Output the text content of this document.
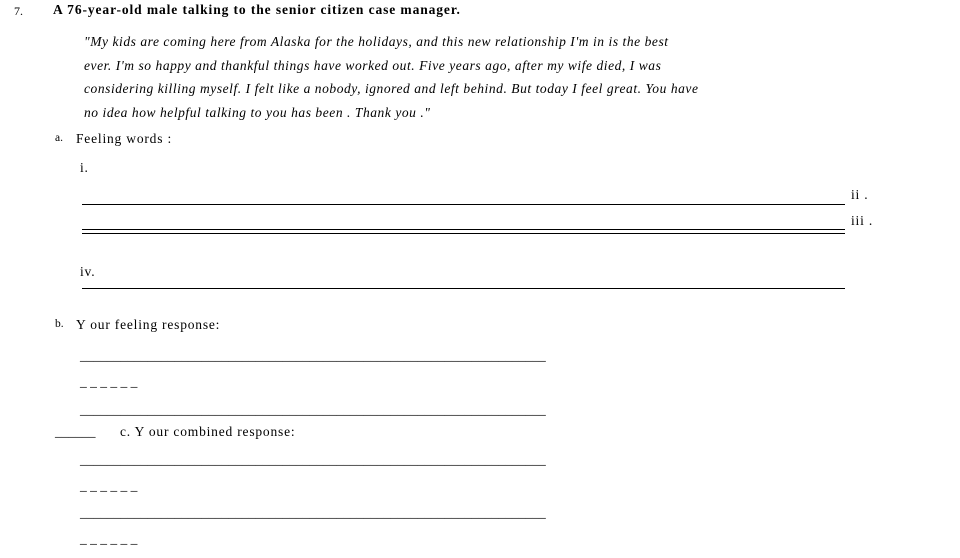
7. A 76-year-old male talking to the senior citizen case manager.
"My kids are coming here from Alaska for the holidays, and this new relationship I'm in is the best
ever. I'm so happy and thankful things have worked out. Five years ago, after my wife died, I was
considering killing myself. I felt like a nobody, ignored and left behind. But today I feel great. You have
no idea how helpful talking to you has been . Thank you ."
a. Feeling words :
i.
ii .
iii .
iv.
b. Y our feeling response:
_____________________________________________________________________
_ _ _ _ _ _
_____________________________________________________________________
______ c. Y our combined response:
_____________________________________________________________________
_ _ _ _ _ _
_____________________________________________________________________
_ _ _ _ _ _
